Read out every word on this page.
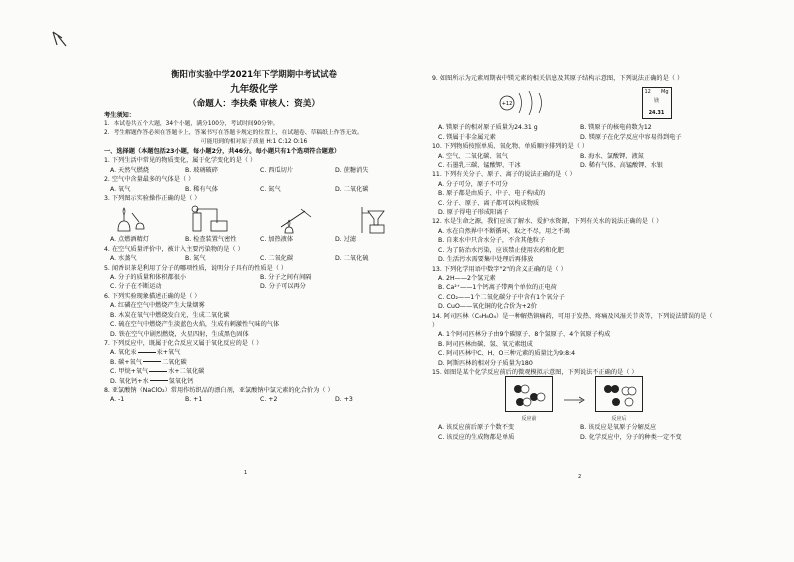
衡阳市实验中学2021年下学期期中考试试卷
九年级化学
（命题人：李扶桑 审核人：资美）
考生须知：
1．本试卷共五个大题，34个小题，满分100分，考试时间90分钟。
2．考生解题作答必须在答题卡上，答案书写在答题卡规定的位置上，在试题卷、草稿纸上作答无效。
可能用到的相对原子质量 H:1 C:12 O:16
一、选择题（本题包括23小题，每小题2分，共46分。每小题只有1个选项符合题意）
1. 下列生活中常见的物质变化，属于化学变化的是（ ）
A. 天然气燃烧	B. 玻璃破碎	C. 西瓜切片	D. 蔗糖消失
2. 空气中含量最多的气体是（ ）
A. 氧气	B. 稀有气体	C. 氮气	D. 二氧化碳
3. 下列图示实验操作正确的是（ ）
A. 点燃酒精灯	B. 检查装置气密性	C. 加热液体	D. 过滤
4. 在空气质量评价中，被计入主要污染物的是（ ）
A. 水蒸气	B. 氮气	C. 二氧化碳	D. 二氧化硫
5. 闻香识茶是利用了分子的哪项性质，说明分子具有的性质是（ ）
A. 分子的质量和体积都很小	B. 分子之间有间隔
C. 分子在不断运动	D. 分子可以再分
6. 下列实验现象描述正确的是（ ）
A. 红磷在空气中燃烧产生大量烟雾
B. 木炭在氧气中燃烧发白光，生成二氧化碳
C. 硫在空气中燃烧产生淡蓝色火焰，生成有刺激性气味的气体
D. 铁在空气中剧烈燃烧，火星四射，生成黑色固体
7. 下列反应中，既属于化合反应又属于氧化反应的是（ ）
A. 氧化汞	汞+氧气
B. 碳+氧气	二氧化碳
C. 甲烷+氧气	水+二氧化碳
D. 氧化钙+水	氢氧化钙
8. 亚氯酸钠（NaClO₂）常用作纺织品的漂白剂，亚氯酸钠中氯元素的化合价为（ ）
A. -1	B. +1	C. +2	D. +3
1
9. 如图所示为元素周期表中镁元素的相关信息及其原子结构示意图，下列说法正确的是（ ）
+12
12 Mg
镁
24.31
A. 镁原子的相对原子质量为24.31 g	B. 镁原子的核电荷数为12
C. 镁属于非金属元素	D. 镁原子在化学反应中容易得到电子
10. 下列物质按照单质、氧化物、单质顺序排列的是（ ）
A. 空气、二氧化碳、氧气	B. 海水、氯酸钾、液氮
C. 石墨乳三碳、锰酸钾、干冰	D. 稀有气体、高锰酸钾、水银
11. 下列有关分子、原子、离子的说法正确的是（ ）
A. 分子可分，原子不可分
B. 原子都是由质子、中子、电子构成的
C. 分子、原子、离子都可以构成物质
D. 原子得电子形成阳离子
12. 水是生命之源，我们应该了解水、爱护水资源，下列有关水的说法正确的是（ ）
A. 水在自然界中不断循环，取之不尽，用之不竭
B. 自来水中只含水分子，不含其他粒子
C. 为了防治水污染，应该禁止使用农药和化肥
D. 生活污水需要集中处理后再排放
13. 下列化学用语中数字"2"的含义正确的是（ ）
A. 2H——2个氢元素
B. Ca²⁺——1个钙离子带两个单位的正电荷
C. CO₂——1个二氧化碳分子中含有1个氧分子
D. CuO——氧化铜的化合价为+2价
14. 阿司匹林（C₉H₈O₄）是一种解热镇痛药，可用于发热、疼痛及风湿关节炎等，下列说法错误的是（ ）
A. 1个阿司匹林分子由9个碳原子、8个氢原子、4个氧原子构成
B. 阿司匹林由碳、氢、氧元素组成
C. 阿司匹林中C、H、O三种元素的质量比为9:8:4
D. 阿斯匹林的相对分子质量为180
15. 如图是某个化学反应前后的微观模拟示意图，下列说法不正确的是（ ）
反应前	反应后
A. 该反应前后原子个数不变	B. 该反应是氧原子分解反应
C. 该反应的生成物都是单质	D. 化学反应中，分子的种类一定不变
2
